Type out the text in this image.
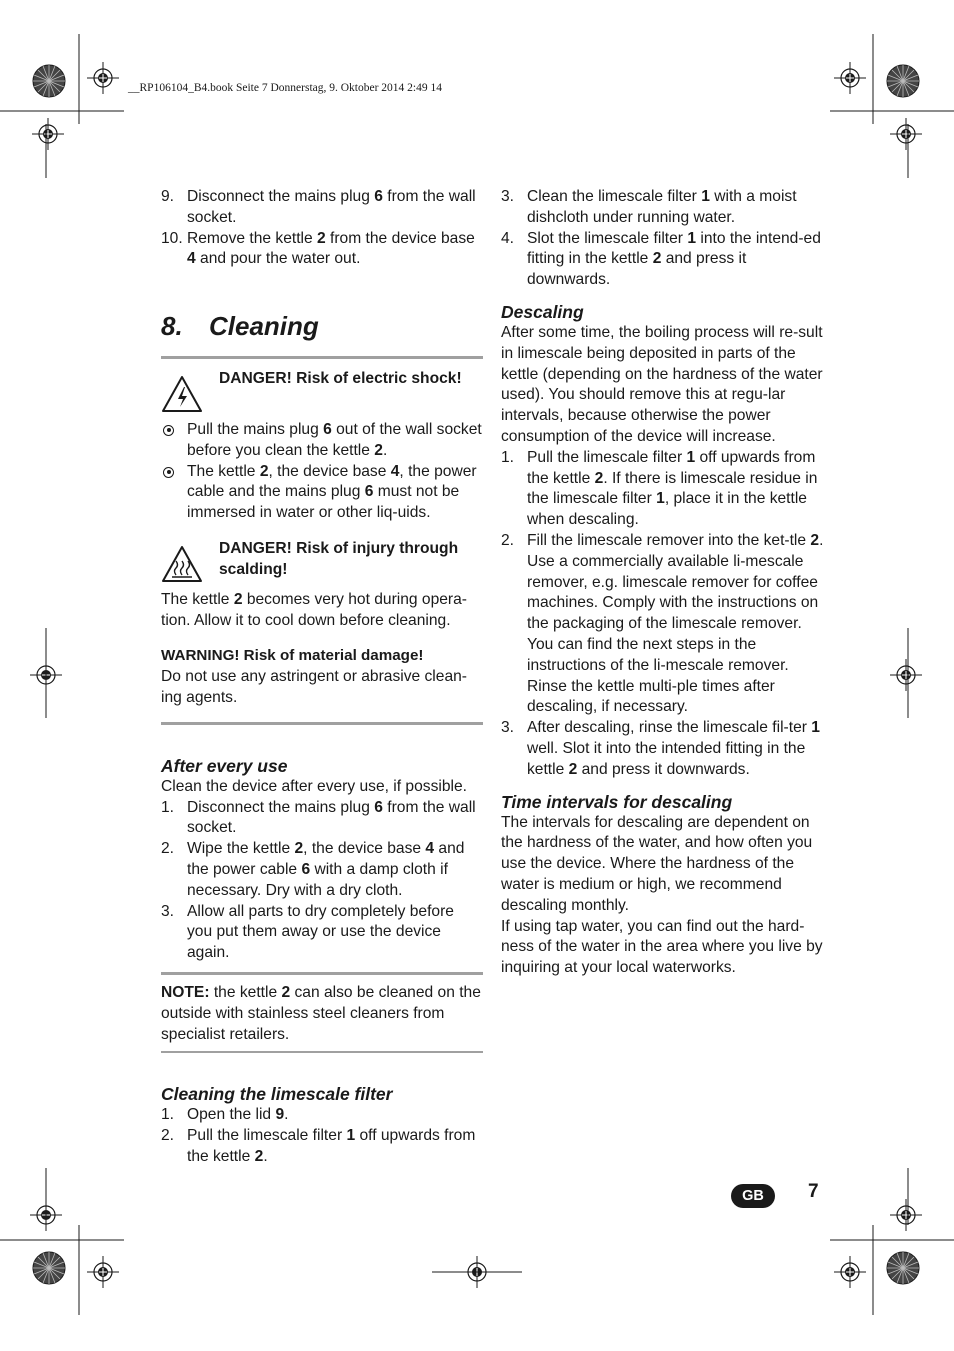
__RP106104_B4.book Seite 7 Donnerstag, 9. Oktober 2014 2:49 14
9. Disconnect the mains plug 6 from the wall socket.
10. Remove the kettle 2 from the device base 4 and pour the water out.
8. Cleaning
DANGER! Risk of electric shock!
Pull the mains plug 6 out of the wall socket before you clean the kettle 2.
The kettle 2, the device base 4, the power cable and the mains plug 6 must not be immersed in water or other liq-uids.
DANGER! Risk of injury through scalding!
The kettle 2 becomes very hot during opera-tion. Allow it to cool down before cleaning.
WARNING! Risk of material damage!
Do not use any astringent or abrasive clean-ing agents.
After every use
Clean the device after every use, if possible.
1. Disconnect the mains plug 6 from the wall socket.
2. Wipe the kettle 2, the device base 4 and the power cable 6 with a damp cloth if necessary. Dry with a dry cloth.
3. Allow all parts to dry completely before you put them away or use the device again.
NOTE: the kettle 2 can also be cleaned on the outside with stainless steel cleaners from specialist retailers.
Cleaning the limescale filter
1. Open the lid 9.
2. Pull the limescale filter 1 off upwards from the kettle 2.
3. Clean the limescale filter 1 with a moist dishcloth under running water.
4. Slot the limescale filter 1 into the intend-ed fitting in the kettle 2 and press it downwards.
Descaling
After some time, the boiling process will re-sult in limescale being deposited in parts of the kettle (depending on the hardness of the water used). You should remove this at regu-lar intervals, because otherwise the power consumption of the device will increase.
1. Pull the limescale filter 1 off upwards from the kettle 2. If there is limescale residue in the limescale filter 1, place it in the kettle when descaling.
2. Fill the limescale remover into the ket-tle 2. Use a commercially available li-mescale remover, e.g. limescale remover for coffee machines. Comply with the instructions on the packaging of the limescale remover. You can find the next steps in the instructions of the li-mescale remover. Rinse the kettle multi-ple times after descaling, if necessary.
3. After descaling, rinse the limescale fil-ter 1 well. Slot it into the intended fitting in the kettle 2 and press it downwards.
Time intervals for descaling
The intervals for descaling are dependent on the hardness of the water, and how often you use the device. Where the hardness of the water is medium or high, we recommend descaling monthly.
If using tap water, you can find out the hard-ness of the water in the area where you live by inquiring at your local waterworks.
GB	7
